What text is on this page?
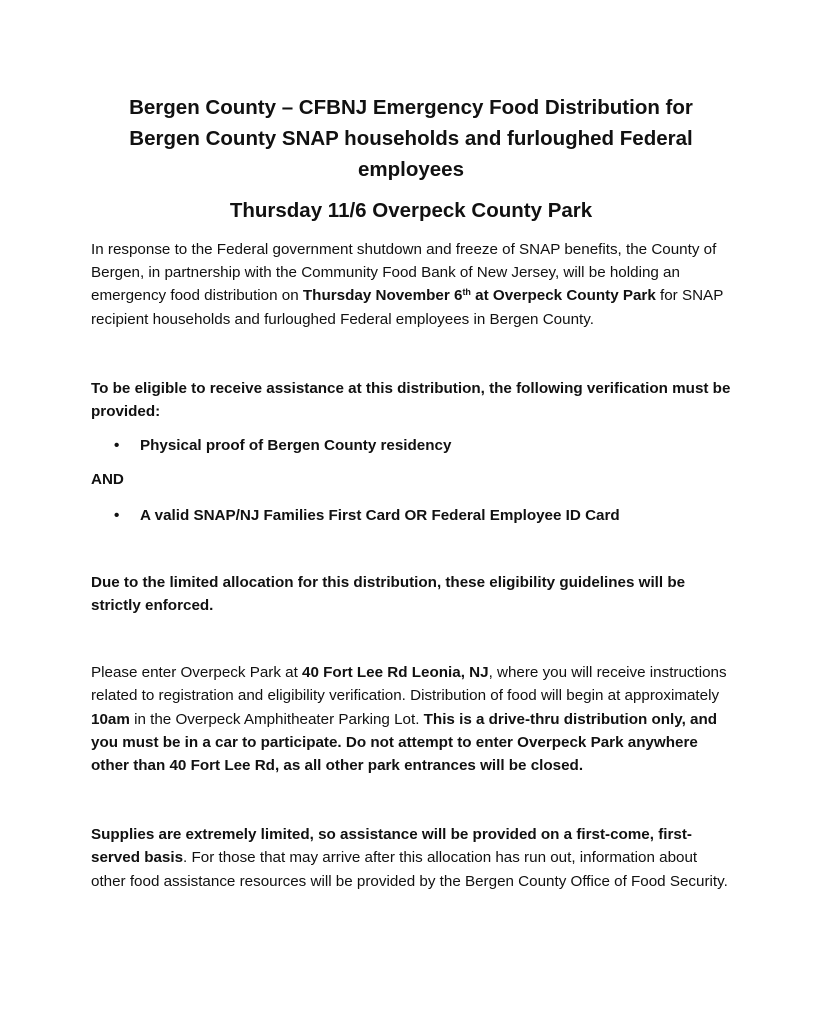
Bergen County – CFBNJ Emergency Food Distribution for Bergen County SNAP households and furloughed Federal employees
Thursday 11/6 Overpeck County Park

In response to the Federal government shutdown and freeze of SNAP benefits, the County of Bergen, in partnership with the Community Food Bank of New Jersey, will be holding an emergency food distribution on Thursday November 6th at Overpeck County Park for SNAP recipient households and furloughed Federal employees in Bergen County.

To be eligible to receive assistance at this distribution, the following verification must be provided:

• Physical proof of Bergen County residency

AND

• A valid SNAP/NJ Families First Card OR Federal Employee ID Card

Due to the limited allocation for this distribution, these eligibility guidelines will be strictly enforced.

Please enter Overpeck Park at 40 Fort Lee Rd Leonia, NJ, where you will receive instructions related to registration and eligibility verification. Distribution of food will begin at approximately 10am in the Overpeck Amphitheater Parking Lot. This is a drive-thru distribution only, and you must be in a car to participate. Do not attempt to enter Overpeck Park anywhere other than 40 Fort Lee Rd, as all other park entrances will be closed.

Supplies are extremely limited, so assistance will be provided on a first-come, first-served basis. For those that may arrive after this allocation has run out, information about other food assistance resources will be provided by the Bergen County Office of Food Security.
